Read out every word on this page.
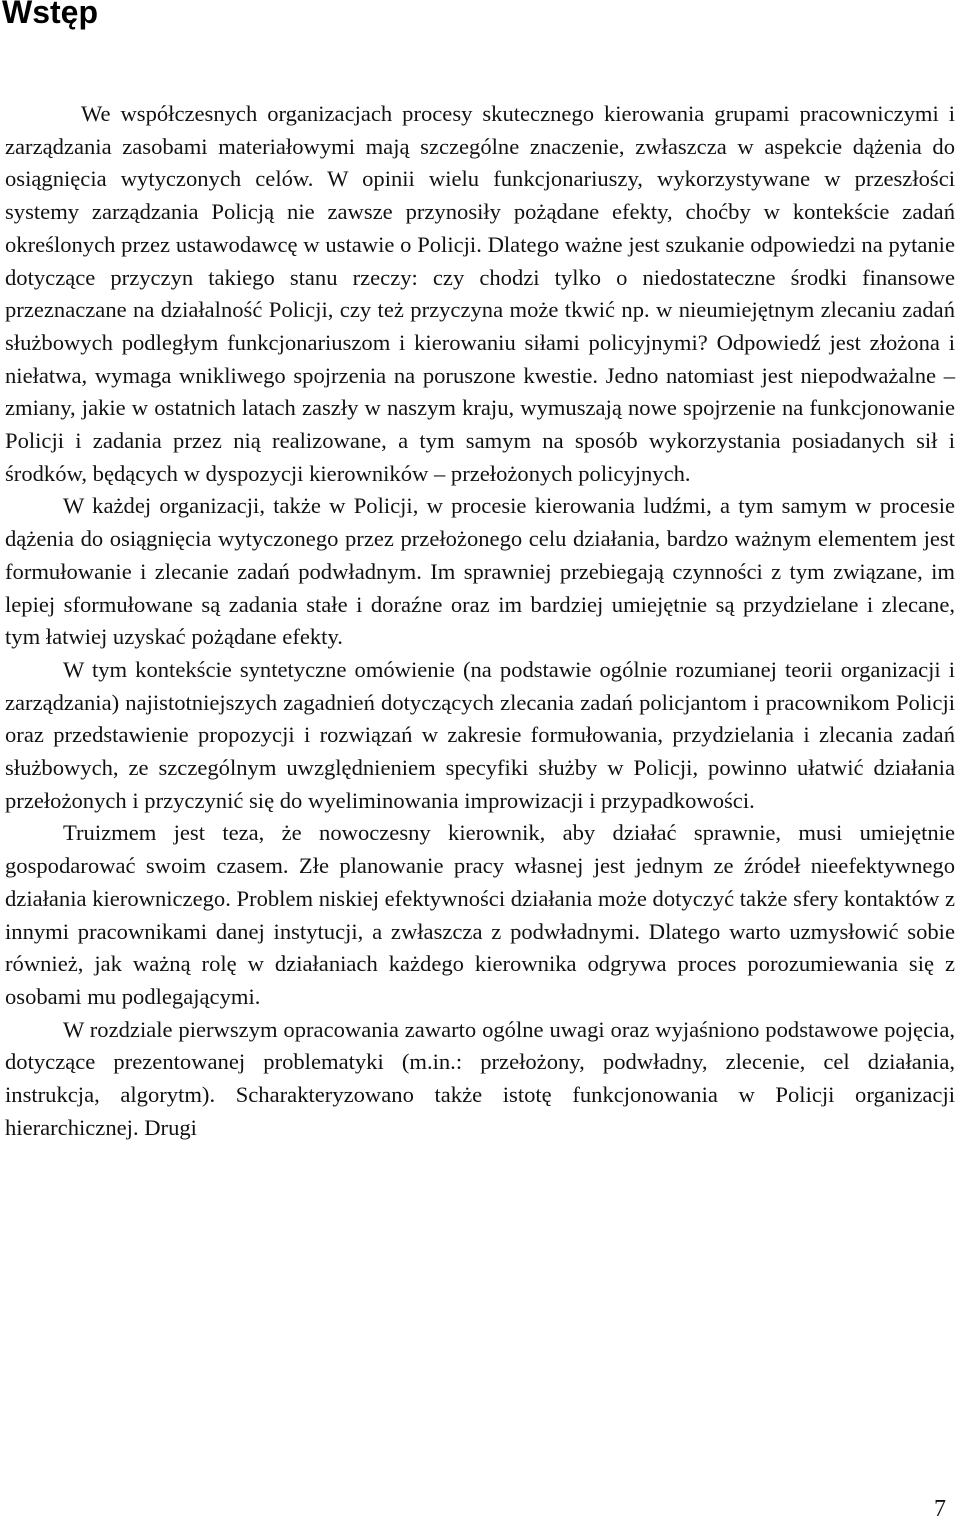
Wstęp

We współczesnych organizacjach procesy skutecznego kierowania grupami pracowniczymi i zarządzania zasobami materiałowymi mają szczególne znaczenie, zwłaszcza w aspekcie dążenia do osiągnięcia wytyczonych celów. W opinii wielu funkcjonariuszy, wykorzystywane w przeszłości systemy zarządzania Policją nie zawsze przynosiły pożądane efekty, choćby w kontekście zadań określonych przez ustawodawcę w ustawie o Policji. Dlatego ważne jest szukanie odpowiedzi na pytanie dotyczące przyczyn takiego stanu rzeczy: czy chodzi tylko o niedostateczne środki finansowe przeznaczane na działalność Policji, czy też przyczyna może tkwić np. w nieumiejętnym zlecaniu zadań służbowych podległym funkcjonariuszom i kierowaniu siłami policyjnymi? Odpowiedź jest złożona i niełatwa, wymaga wnikliwego spojrzenia na poruszone kwestie. Jedno natomiast jest niepodważalne – zmiany, jakie w ostatnich latach zaszły w naszym kraju, wymuszają nowe spojrzenie na funkcjonowanie Policji i zadania przez nią realizowane, a tym samym na sposób wykorzystania posiadanych sił i środków, będących w dyspozycji kierowników – przełożonych policyjnych.

W każdej organizacji, także w Policji, w procesie kierowania ludźmi, a tym samym w procesie dążenia do osiągnięcia wytyczonego przez przełożonego celu działania, bardzo ważnym elementem jest formułowanie i zlecanie zadań podwładnym. Im sprawniej przebiegają czynności z tym związane, im lepiej sformułowane są zadania stałe i doraźne oraz im bardziej umiejętnie są przydzielane i zlecane, tym łatwiej uzyskać pożądane efekty.

W tym kontekście syntetyczne omówienie (na podstawie ogólnie rozumianej teorii organizacji i zarządzania) najistotniejszych zagadnień dotyczących zlecania zadań policjantom i pracownikom Policji oraz przedstawienie propozycji i rozwiązań w zakresie formułowania, przydzielania i zlecania zadań służbowych, ze szczególnym uwzględnieniem specyfiki służby w Policji, powinno ułatwić działania przełożonych i przyczynić się do wyeliminowania improwizacji i przypadkowości.

Truizmem jest teza, że nowoczesny kierownik, aby działać sprawnie, musi umiejętnie gospodarować swoim czasem. Złe planowanie pracy własnej jest jednym ze źródeł nieefektywnego działania kierowniczego. Problem niskiej efektywności działania może dotyczyć także sfery kontaktów z innymi pracownikami danej instytucji, a zwłaszcza z podwładnymi. Dlatego warto uzmysłowić sobie również, jak ważną rolę w działaniach każdego kierownika odgrywa proces porozumiewania się z osobami mu podlegającymi.

W rozdziale pierwszym opracowania zawarto ogólne uwagi oraz wyjaśniono podstawowe pojęcia, dotyczące prezentowanej problematyki (m.in.: przełożony, podwładny, zlecenie, cel działania, instrukcja, algorytm). Scharakteryzowano także istotę funkcjonowania w Policji organizacji hierarchicznej. Drugi

7
